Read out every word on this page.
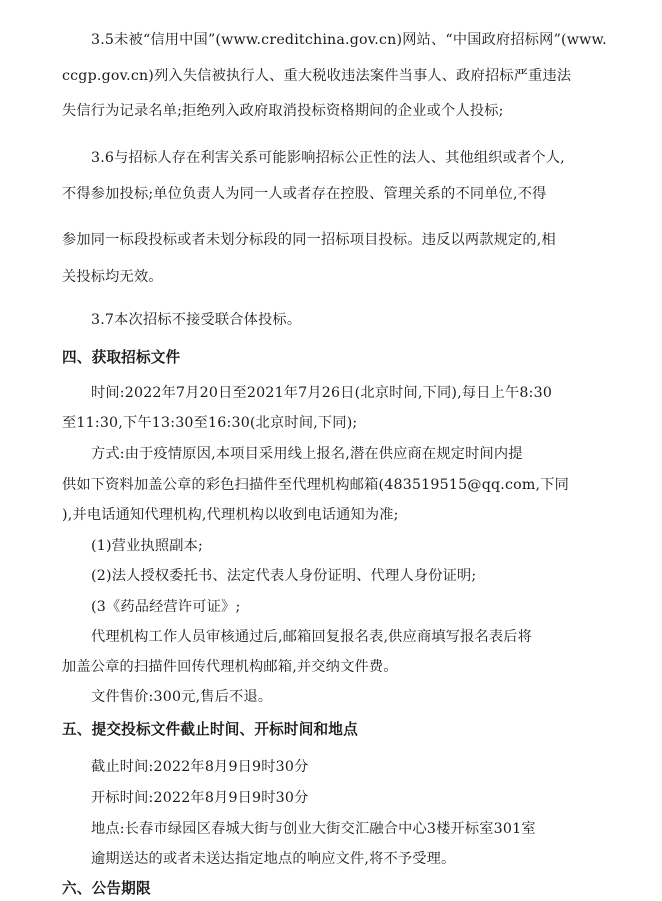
3.5未被“信用中国”(www.creditchina.gov.cn)网站、“中国政府招标网”(www.
ccgp.gov.cn)列入失信被执行人、重大税收违法案件当事人、政府招标严重违法
失信行为记录名单;拒绝列入政府取消投标资格期间的企业或个人投标;
3.6与招标人存在利害关系可能影响招标公正性的法人、其他组织或者个人,
不得参加投标;单位负责人为同一人或者存在控股、管理关系的不同单位,不得
参加同一标段投标或者未划分标段的同一招标项目投标。违反以两款规定的,相
关投标均无效。
3.7本次招标不接受联合体投标。
四、获取招标文件
时间:2022年7月20日至2021年7月26日(北京时间,下同),每日上午8:30
至11:30,下午13:30至16:30(北京时间,下同);
方式:由于疫情原因,本项目采用线上报名,潜在供应商在规定时间内提
供如下资料加盖公章的彩色扫描件至代理机构邮箱(483519515@qq.com,下同
),并电话通知代理机构,代理机构以收到电话通知为准;
(1)营业执照副本;
(2)法人授权委托书、法定代表人身份证明、代理人身份证明;
(3《药品经营许可证》;
代理机构工作人员审核通过后,邮箱回复报名表,供应商填写报名表后将
加盖公章的扫描件回传代理机构邮箱,并交纳文件费。
文件售价:300元,售后不退。
五、提交投标文件截止时间、开标时间和地点
截止时间:2022年8月9日9时30分
开标时间:2022年8月9日9时30分
地点:长春市绿园区春城大街与创业大街交汇融合中心3楼开标室301室
逾期送达的或者未送达指定地点的响应文件,将不予受理。
六、公告期限
